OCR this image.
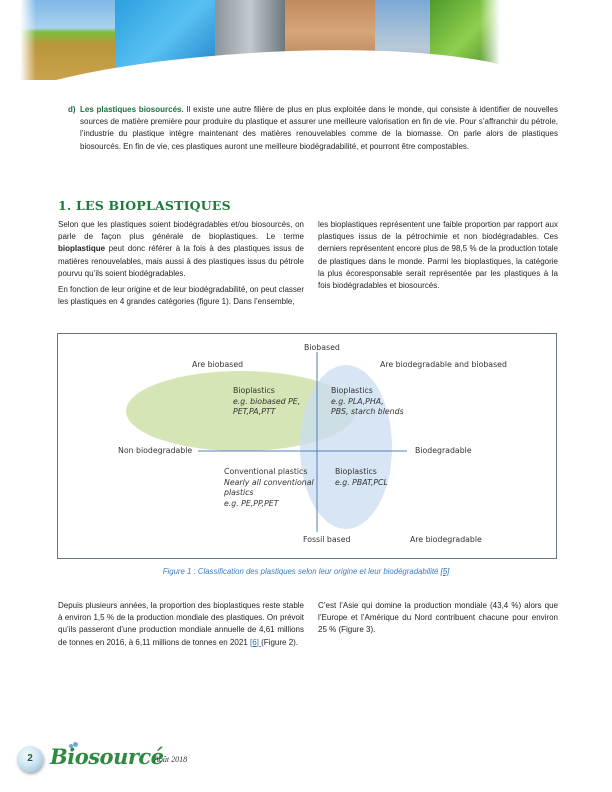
d) Les plastiques biosourcés. Il existe une autre filière de plus en plus exploitée dans le monde, qui consiste à identifier de nouvelles sources de matière première pour produire du plastique et assurer une meilleure valorisation en fin de vie. Pour s’affranchir du pétrole, l’industrie du plastique intègre maintenant des matières renouvelables comme de la biomasse. On parle alors de plastiques biosourcés. En fin de vie, ces plastiques auront une meilleure biodégradabilité, et pourront être compostables.
1. LES BIOPLASTIQUES

Selon que les plastiques soient biodégradables et/ou biosourcés, on parle de façon plus générale de bioplastiques. Le terme bioplastique peut donc référer à la fois à des plastiques issus de matières renouvelables, mais aussi à des plastiques issus du pétrole pourvu qu’ils soient biodégradables.

En fonction de leur origine et de leur biodégradabilité, on peut classer les plastiques en 4 grandes catégories (figure 1). Dans l’ensemble,

les bioplastiques représentent une faible proportion par rapport aux plastiques issus de la pétrochimie et non biodégradables. Ces derniers représentent encore plus de 98,5 % de la production totale de plastiques dans le monde. Parmi les bioplastiques, la catégorie la plus écoresponsable serait représentée par les plastiques à la fois biodégradables et biosourcés.

Biobased
Are biobased	Are biodegradable and biobased
Non biodegradable	Biodegradable
Fossil based	Are biodegradable
Bioplastics
e.g. biobased PE,
PET,PA,PTT
Bioplastics
e.g. PLA,PHA,
PBS, starch blends
Conventional plastics
Nearly all conventional
plastics
e.g. PE,PP,PET
Bioplastics
e.g. PBAT,PCL
Figure 1 : Classification des plastiques selon leur origine et leur biodégradabilité [5]
Depuis plusieurs années, la proportion des bioplastiques reste stable à environ 1,5 % de la production mondiale des plastiques. On prévoit qu’ils passeront d’une production mondiale annuelle de 4,61 millions de tonnes en 2016, à 6,11 millions de tonnes en 2021 [6] (Figure 2).
C’est l’Asie qui domine la production mondiale (43,4 %) alors que l’Europe et l’Amérique du Nord contribuent chacune pour environ 25 % (Figure 3).
2 Biosourcé
Août 2018
